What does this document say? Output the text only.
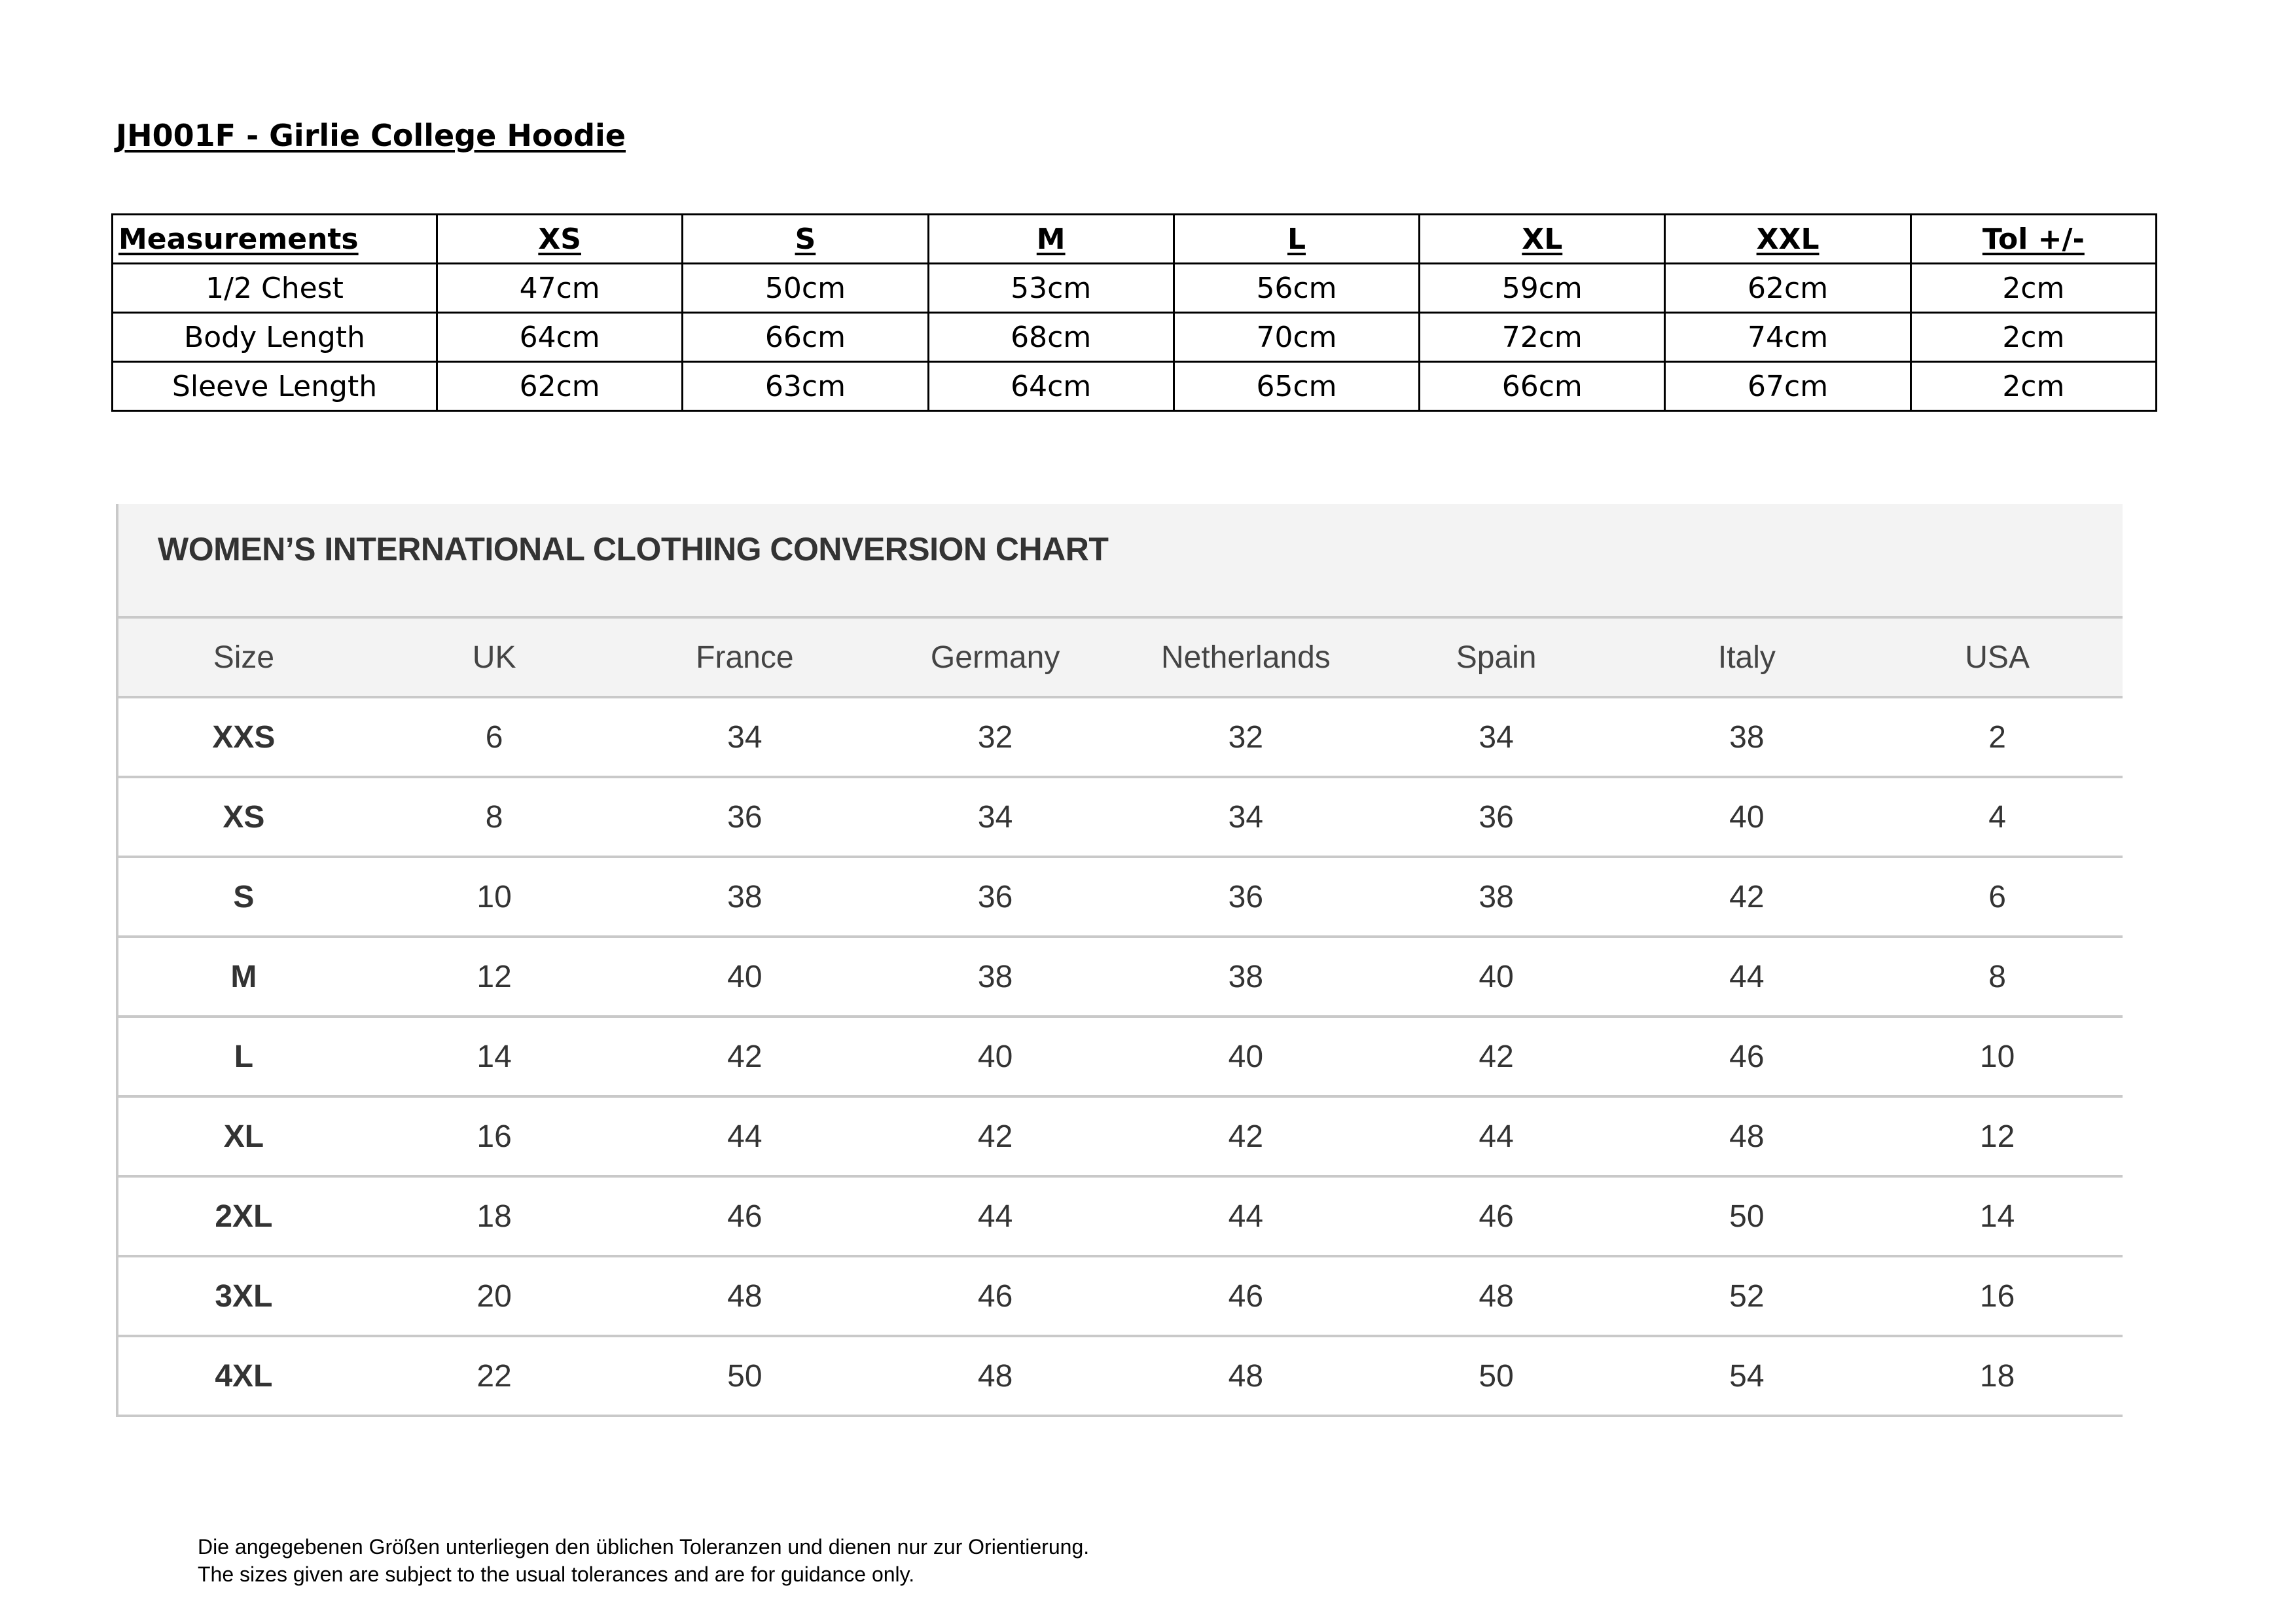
JH001F - Girlie College Hoodie
Measurements	XS	S	M	L	XL	XXL	Tol +/-
1/2 Chest	47cm	50cm	53cm	56cm	59cm	62cm	2cm
Body Length	64cm	66cm	68cm	70cm	72cm	74cm	2cm
Sleeve Length	62cm	63cm	64cm	65cm	66cm	67cm	2cm
WOMEN’S INTERNATIONAL CLOTHING CONVERSION CHART
Size	UK	France	Germany	Netherlands	Spain	Italy	USA
XXS	6	34	32	32	34	38	2
XS	8	36	34	34	36	40	4
S	10	38	36	36	38	42	6
M	12	40	38	38	40	44	8
L	14	42	40	40	42	46	10
XL	16	44	42	42	44	48	12
2XL	18	46	44	44	46	50	14
3XL	20	48	46	46	48	52	16
4XL	22	50	48	48	50	54	18
Die angegebenen Größen unterliegen den üblichen Toleranzen und dienen nur zur Orientierung.
The sizes given are subject to the usual tolerances and are for guidance only.
